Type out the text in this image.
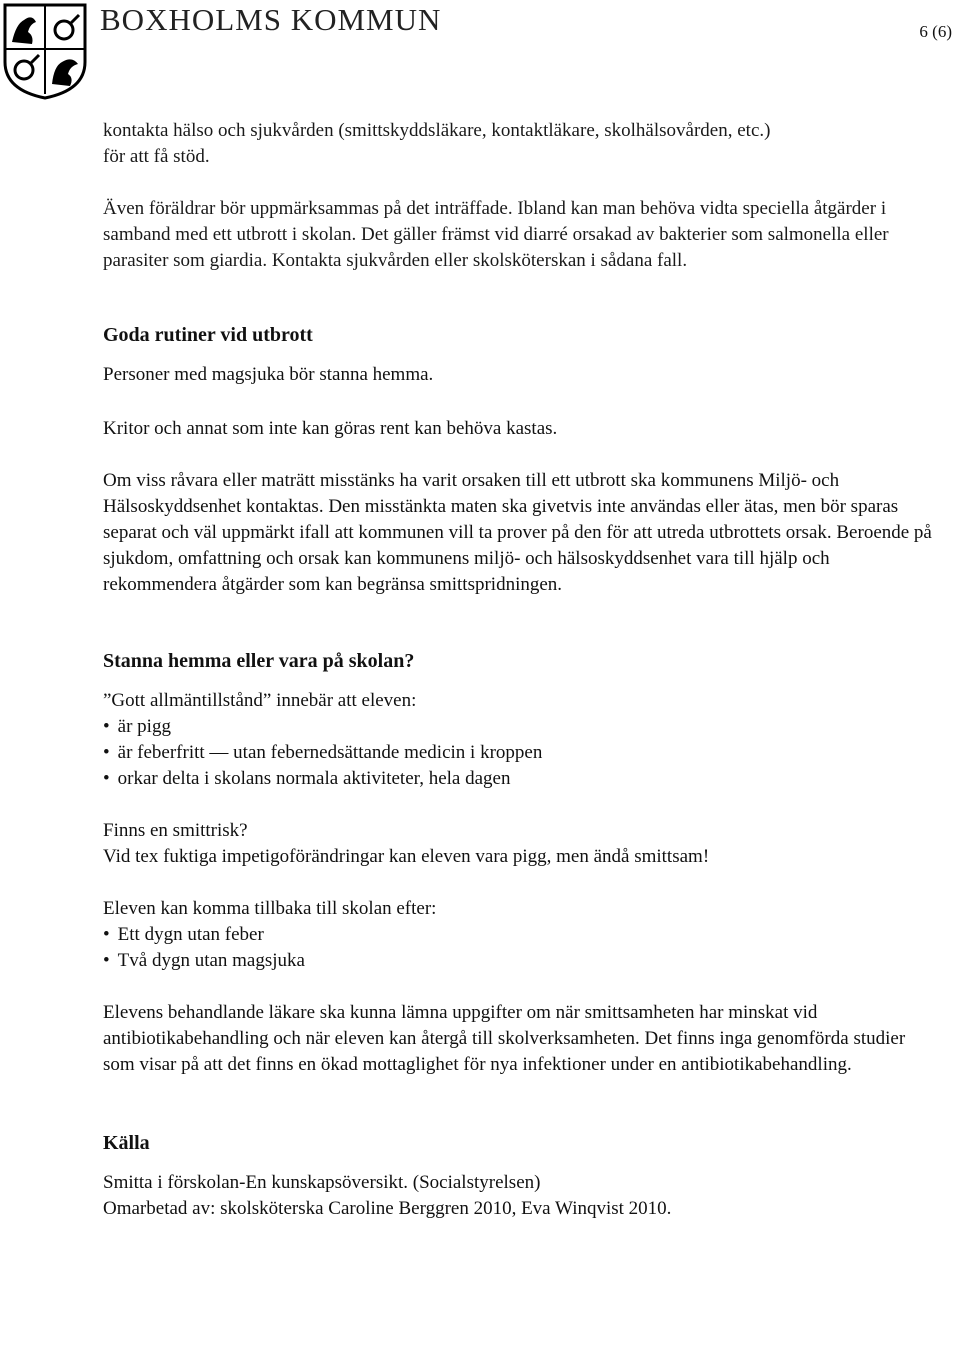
BOXHOLMS KOMMUN	6 (6)

kontakta hälso och sjukvården (smittskyddsläkare, kontaktläkare, skolhälsovården, etc.)

för att få stöd.

Även föräldrar bör uppmärksammas på det inträffade. Ibland kan man behöva vidta speciella åtgärder i samband med ett utbrott i skolan. Det gäller främst vid diarré orsakad av bakterier som salmonella eller parasiter som giardia. Kontakta sjukvården eller skolsköterskan i sådana fall.

Goda rutiner vid utbrott

Personer med magsjuka bör stanna hemma.

Kritor och annat som inte kan göras rent kan behöva kastas.

Om viss råvara eller maträtt misstänks ha varit orsaken till ett utbrott ska kommunens Miljö- och Hälsoskyddsenhet kontaktas. Den misstänkta maten ska givetvis inte användas eller ätas, men bör sparas separat och väl uppmärkt ifall att kommunen vill ta prover på den för att utreda utbrottets orsak. Beroende på sjukdom, omfattning och orsak kan kommunens miljö- och hälsoskyddsenhet vara till hjälp och rekommendera åtgärder som kan begränsa smittspridningen.

Stanna hemma eller vara på skolan?

”Gott allmäntillstånd” innebär att eleven:

• är pigg
• är feberfritt — utan febernedsättande medicin i kroppen
• orkar delta i skolans normala aktiviteter, hela dagen

Finns en smittrisk?

Vid tex fuktiga impetigoförändringar kan eleven vara pigg, men ändå smittsam!

Eleven kan komma tillbaka till skolan efter:

• Ett dygn utan feber
• Två dygn utan magsjuka

Elevens behandlande läkare ska kunna lämna uppgifter om när smittsamheten har minskat vid antibiotikabehandling och när eleven kan återgå till skolverksamheten. Det finns inga genomförda studier som visar på att det finns en ökad mottaglighet för nya infektioner under en antibiotikabehandling.

Källa

Smitta i förskolan-En kunskapsöversikt. (Socialstyrelsen)

Omarbetad av: skolsköterska Caroline Berggren 2010, Eva Winqvist 2010.
